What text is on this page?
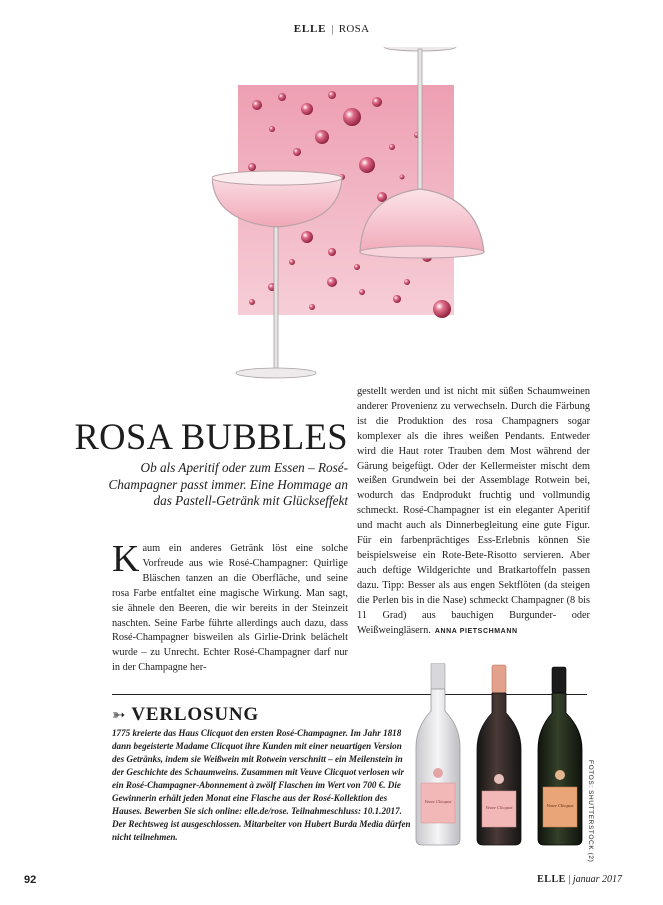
ELLE | ROSA
ROSA BUBBLES
Ob als Aperitif oder zum Essen – Rosé-Champagner passt immer. Eine Hommage an das Pastell-Getränk mit Glückseffekt
Kaum ein anderes Getränk löst eine solche Vorfreude aus wie Rosé-Champagner: Quirlige Bläschen tanzen an die Oberfläche, und seine rosa Farbe entfaltet eine magische Wirkung. Man sagt, sie ähnele den Beeren, die wir bereits in der Steinzeit naschten. Seine Farbe führte allerdings auch dazu, dass Rosé-Champagner bisweilen als Girlie-Drink belächelt wurde – zu Unrecht. Echter Rosé-Champagner darf nur in der Champagne her-
gestellt werden und ist nicht mit süßen Schaumweinen anderer Provenienz zu verwechseln. Durch die Färbung ist die Produktion des rosa Champagners sogar komplexer als die ihres weißen Pendants. Entweder wird die Haut roter Trauben dem Most während der Gärung beigefügt. Oder der Kellermeister mischt dem weißen Grundwein bei der Assemblage Rotwein bei, wodurch das Endprodukt fruchtig und vollmundig schmeckt. Rosé-Champagner ist ein eleganter Aperitif und macht auch als Dinnerbegleitung eine gute Figur. Für ein farbenprächtiges Ess-Erlebnis können Sie beispielsweise ein Rote-Bete-Risotto servieren. Aber auch deftige Wildgerichte und Bratkartoffeln passen dazu. Tipp: Besser als aus engen Sektflöten (da steigen die Perlen bis in die Nase) schmeckt Champagner (8 bis 11 Grad) aus bauchigen Burgunder- oder Weißweingläsern. ANNA PIETSCHMANN
➳ VERLOSUNG
1775 kreierte das Haus Clicquot den ersten Rosé-Champagner. Im Jahr 1818 dann begeisterte Madame Clicquot ihre Kunden mit einer neuartigen Version des Getränks, indem sie Weißwein mit Rotwein verschnitt – ein Meilenstein in der Geschichte des Schaumweins. Zusammen mit Veuve Clicquot verlosen wir ein Rosé-Champagner-Abonnement à zwölf Flaschen im Wert von 700 €. Die Gewinnerin erhält jeden Monat eine Flasche aus der Rosé-Kollektion des Hauses. Bewerben Sie sich online: elle.de/rose. Teilnahmeschluss: 10.1.2017. Der Rechtsweg ist ausgeschlossen. Mitarbeiter von Hubert Burda Media dürfen nicht teilnehmen.
Veuve Clicquot
Veuve Clicquot	Veuve Clicquot FOTOS: SHUTTERSTOCK (2)
92	ELLE | januar 2017
